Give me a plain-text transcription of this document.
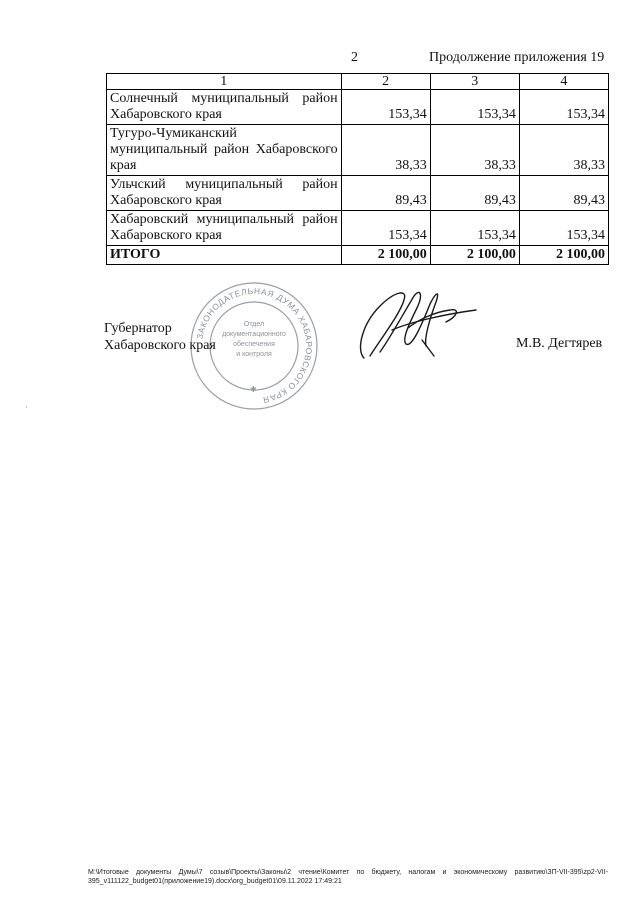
2	Продолжение приложения 19
1	2	3	4
Солнечный муниципальный район Хабаровского края	153,34	153,34	153,34
Тугуро-Чумиканский муниципальный район Хабаровского края	38,33	38,33	38,33
Ульчский муниципальный район Хабаровского края	89,43	89,43	89,43
Хабаровский муниципальный район Хабаровского края	153,34	153,34	153,34
ИТОГО	2 100,00	2 100,00	2 100,00
ЗАКОНОДАТЕЛЬНАЯ ДУМА ХАБАРОВСКОГО КРАЯ
Отдел
документационного
обеспечения
и контроля
✱
Губернатор
Хабаровского края	М.В. Дегтярев
M:\Итоговые документы Думы\7 созыв\Проекты\Законы\2 чтение\Комитет по бюджету, налогам и экономическому развитию\ЗП-VII-395\zp2-VII-395_v111122_budget01(приложение19).docx\org_budget01\09.11.2022 17:49:21
